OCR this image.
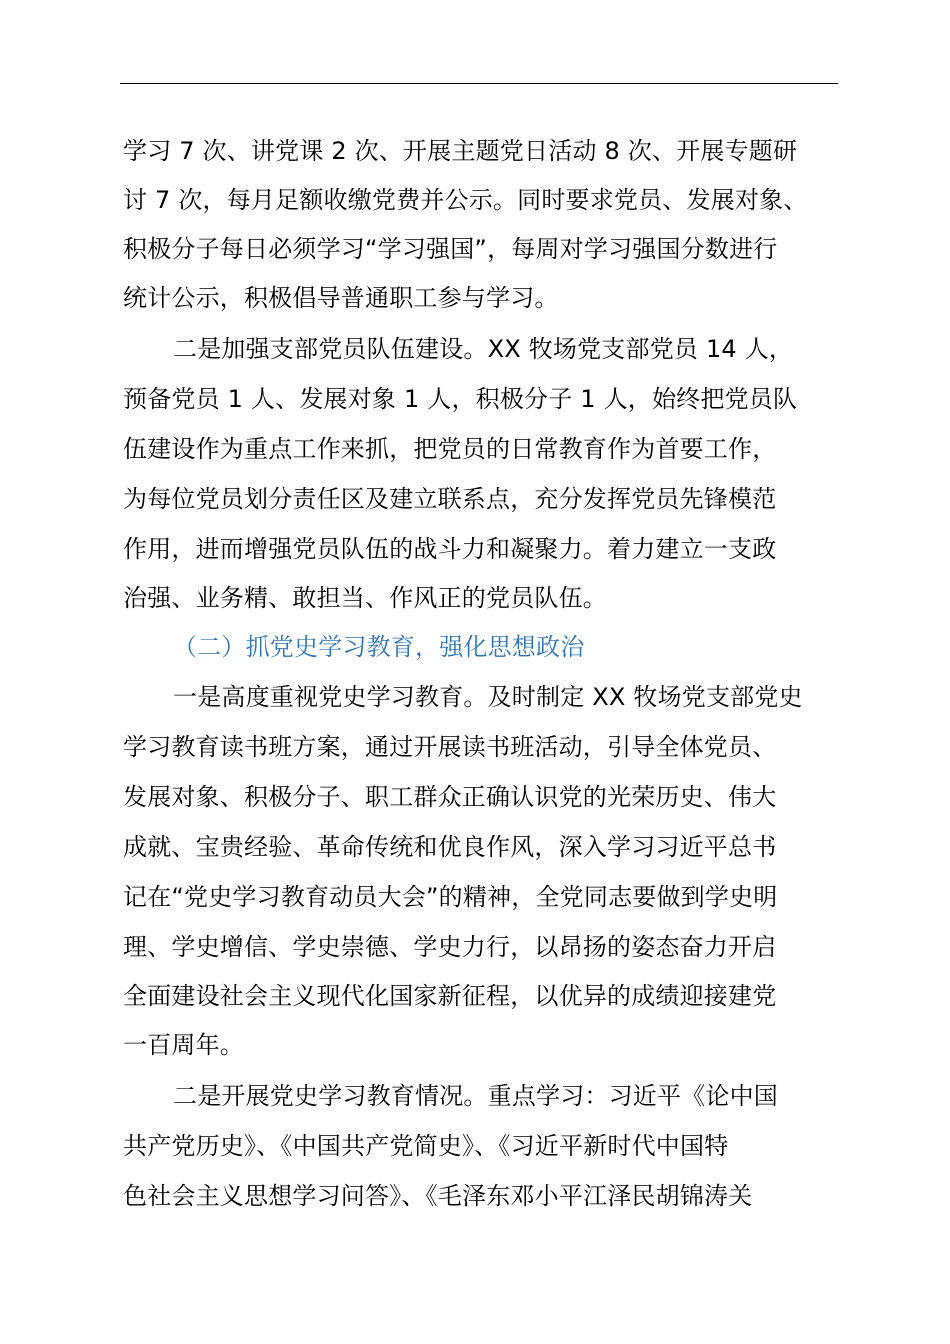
学习 7 次、讲党课 2 次、开展主题党日活动 8 次、开展专题研
讨 7 次，每月足额收缴党费并公示。同时要求党员、发展对象、
积极分子每日必须学习“学习强国”，每周对学习强国分数进行
统计公示，积极倡导普通职工参与学习。
二是加强支部党员队伍建设。XX 牧场党支部党员 14 人，
预备党员 1 人、发展对象 1 人，积极分子 1 人，始终把党员队
伍建设作为重点工作来抓，把党员的日常教育作为首要工作，
为每位党员划分责任区及建立联系点，充分发挥党员先锋模范
作用，进而增强党员队伍的战斗力和凝聚力。着力建立一支政
治强、业务精、敢担当、作风正的党员队伍。
（二）抓党史学习教育，强化思想政治
一是高度重视党史学习教育。及时制定 XX 牧场党支部党史
学习教育读书班方案，通过开展读书班活动，引导全体党员、
发展对象、积极分子、职工群众正确认识党的光荣历史、伟大
成就、宝贵经验、革命传统和优良作风，深入学习习近平总书
记在“党史学习教育动员大会”的精神，全党同志要做到学史明
理、学史增信、学史崇德、学史力行，以昂扬的姿态奋力开启
全面建设社会主义现代化国家新征程，以优异的成绩迎接建党
一百周年。
二是开展党史学习教育情况。重点学习：习近平《论中国
共产党历史》、《中国共产党简史》、《习近平新时代中国特
色社会主义思想学习问答》、《毛泽东邓小平江泽民胡锦涛关
